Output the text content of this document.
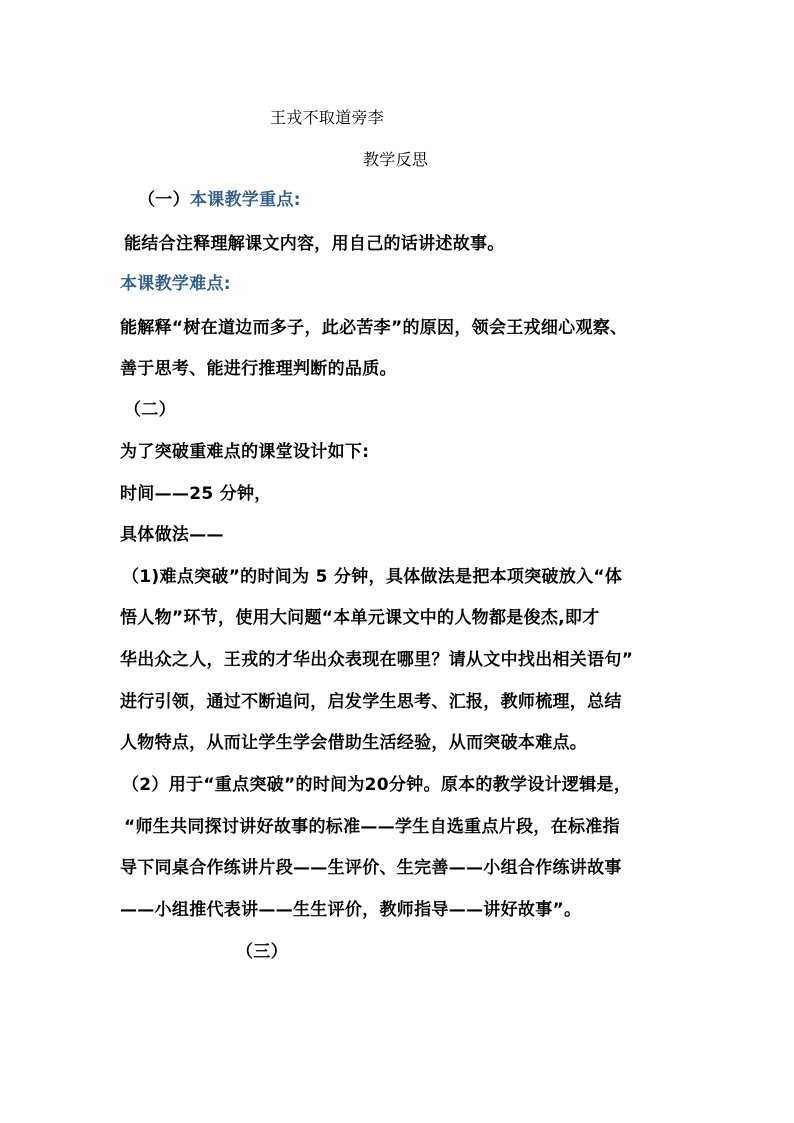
王戎不取道旁李
教学反思
（一）本课教学重点:
能结合注释理解课文内容，用自己的话讲述故事。
本课教学难点:
能解释“树在道边而多子，此必苦李”的原因，领会王戎细心观察、
善于思考、能进行推理判断的品质。
（二）
为了突破重难点的课堂设计如下:
时间——25 分钟，
具体做法——
（1)难点突破”的时间为 5 分钟，具体做法是把本项突破放入“体
悟人物”环节，使用大问题“本单元课文中的人物都是俊杰,即才
华出众之人，王戎的才华出众表现在哪里？请从文中找出相关语句”
进行引领，通过不断追问，启发学生思考、汇报，教师梳理，总结
人物特点，从而让学生学会借助生活经验，从而突破本难点。
（2）用于“重点突破”的时间为20分钟。原本的教学设计逻辑是，
“师生共同探讨讲好故事的标准——学生自选重点片段，在标准指
导下同桌合作练讲片段——生评价、生完善——小组合作练讲故事
——小组推代表讲——生生评价，教师指导——讲好故事”。
（三）
